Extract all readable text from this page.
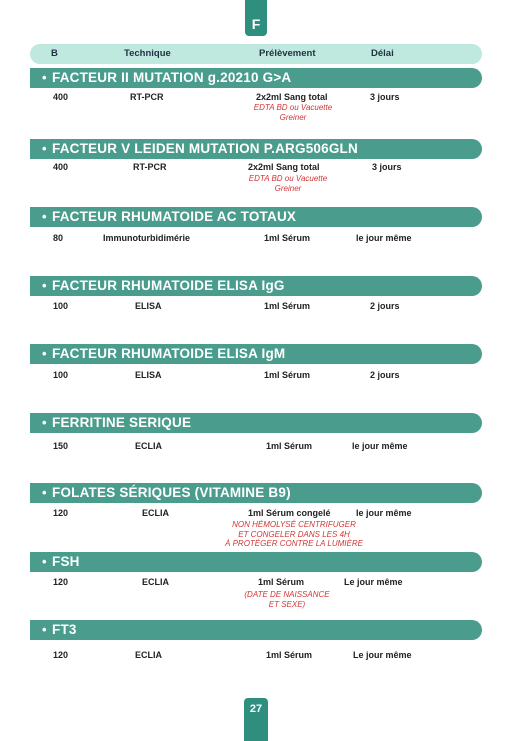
F
B	Technique	Prélèvement	Délai
• FACTEUR II MUTATION g.20210 G>A
400	RT-PCR	2x2ml Sang total	3 jours
EDTA BD ou Vacuette
Greiner
• FACTEUR V LEIDEN MUTATION P.ARG506GLN
400	RT-PCR	2x2ml Sang total	3 jours
EDTA BD ou Vacuette
Greiner
• FACTEUR RHUMATOIDE AC TOTAUX
80	Immunoturbidimérie	1ml Sérum	le jour même
• FACTEUR RHUMATOIDE ELISA IgG
100	ELISA	1ml Sérum	2 jours
• FACTEUR RHUMATOIDE ELISA IgM
100	ELISA	1ml Sérum	2 jours
• FERRITINE SERIQUE
150	ECLIA	1ml Sérum	le jour même
• FOLATES SÉRIQUES (VITAMINE B9)
120	ECLIA	1ml Sérum congelé	le jour même
NON HÉMOLYSÉ CENTRIFUGER
ET CONGELER DANS LES 4H
À PROTÉGER CONTRE LA LUMIÈRE
• FSH
120	ECLIA	1ml Sérum	Le jour même
(DATE DE NAISSANCE
ET SEXE)
• FT3
120	ECLIA	1ml Sérum	Le jour même
27
